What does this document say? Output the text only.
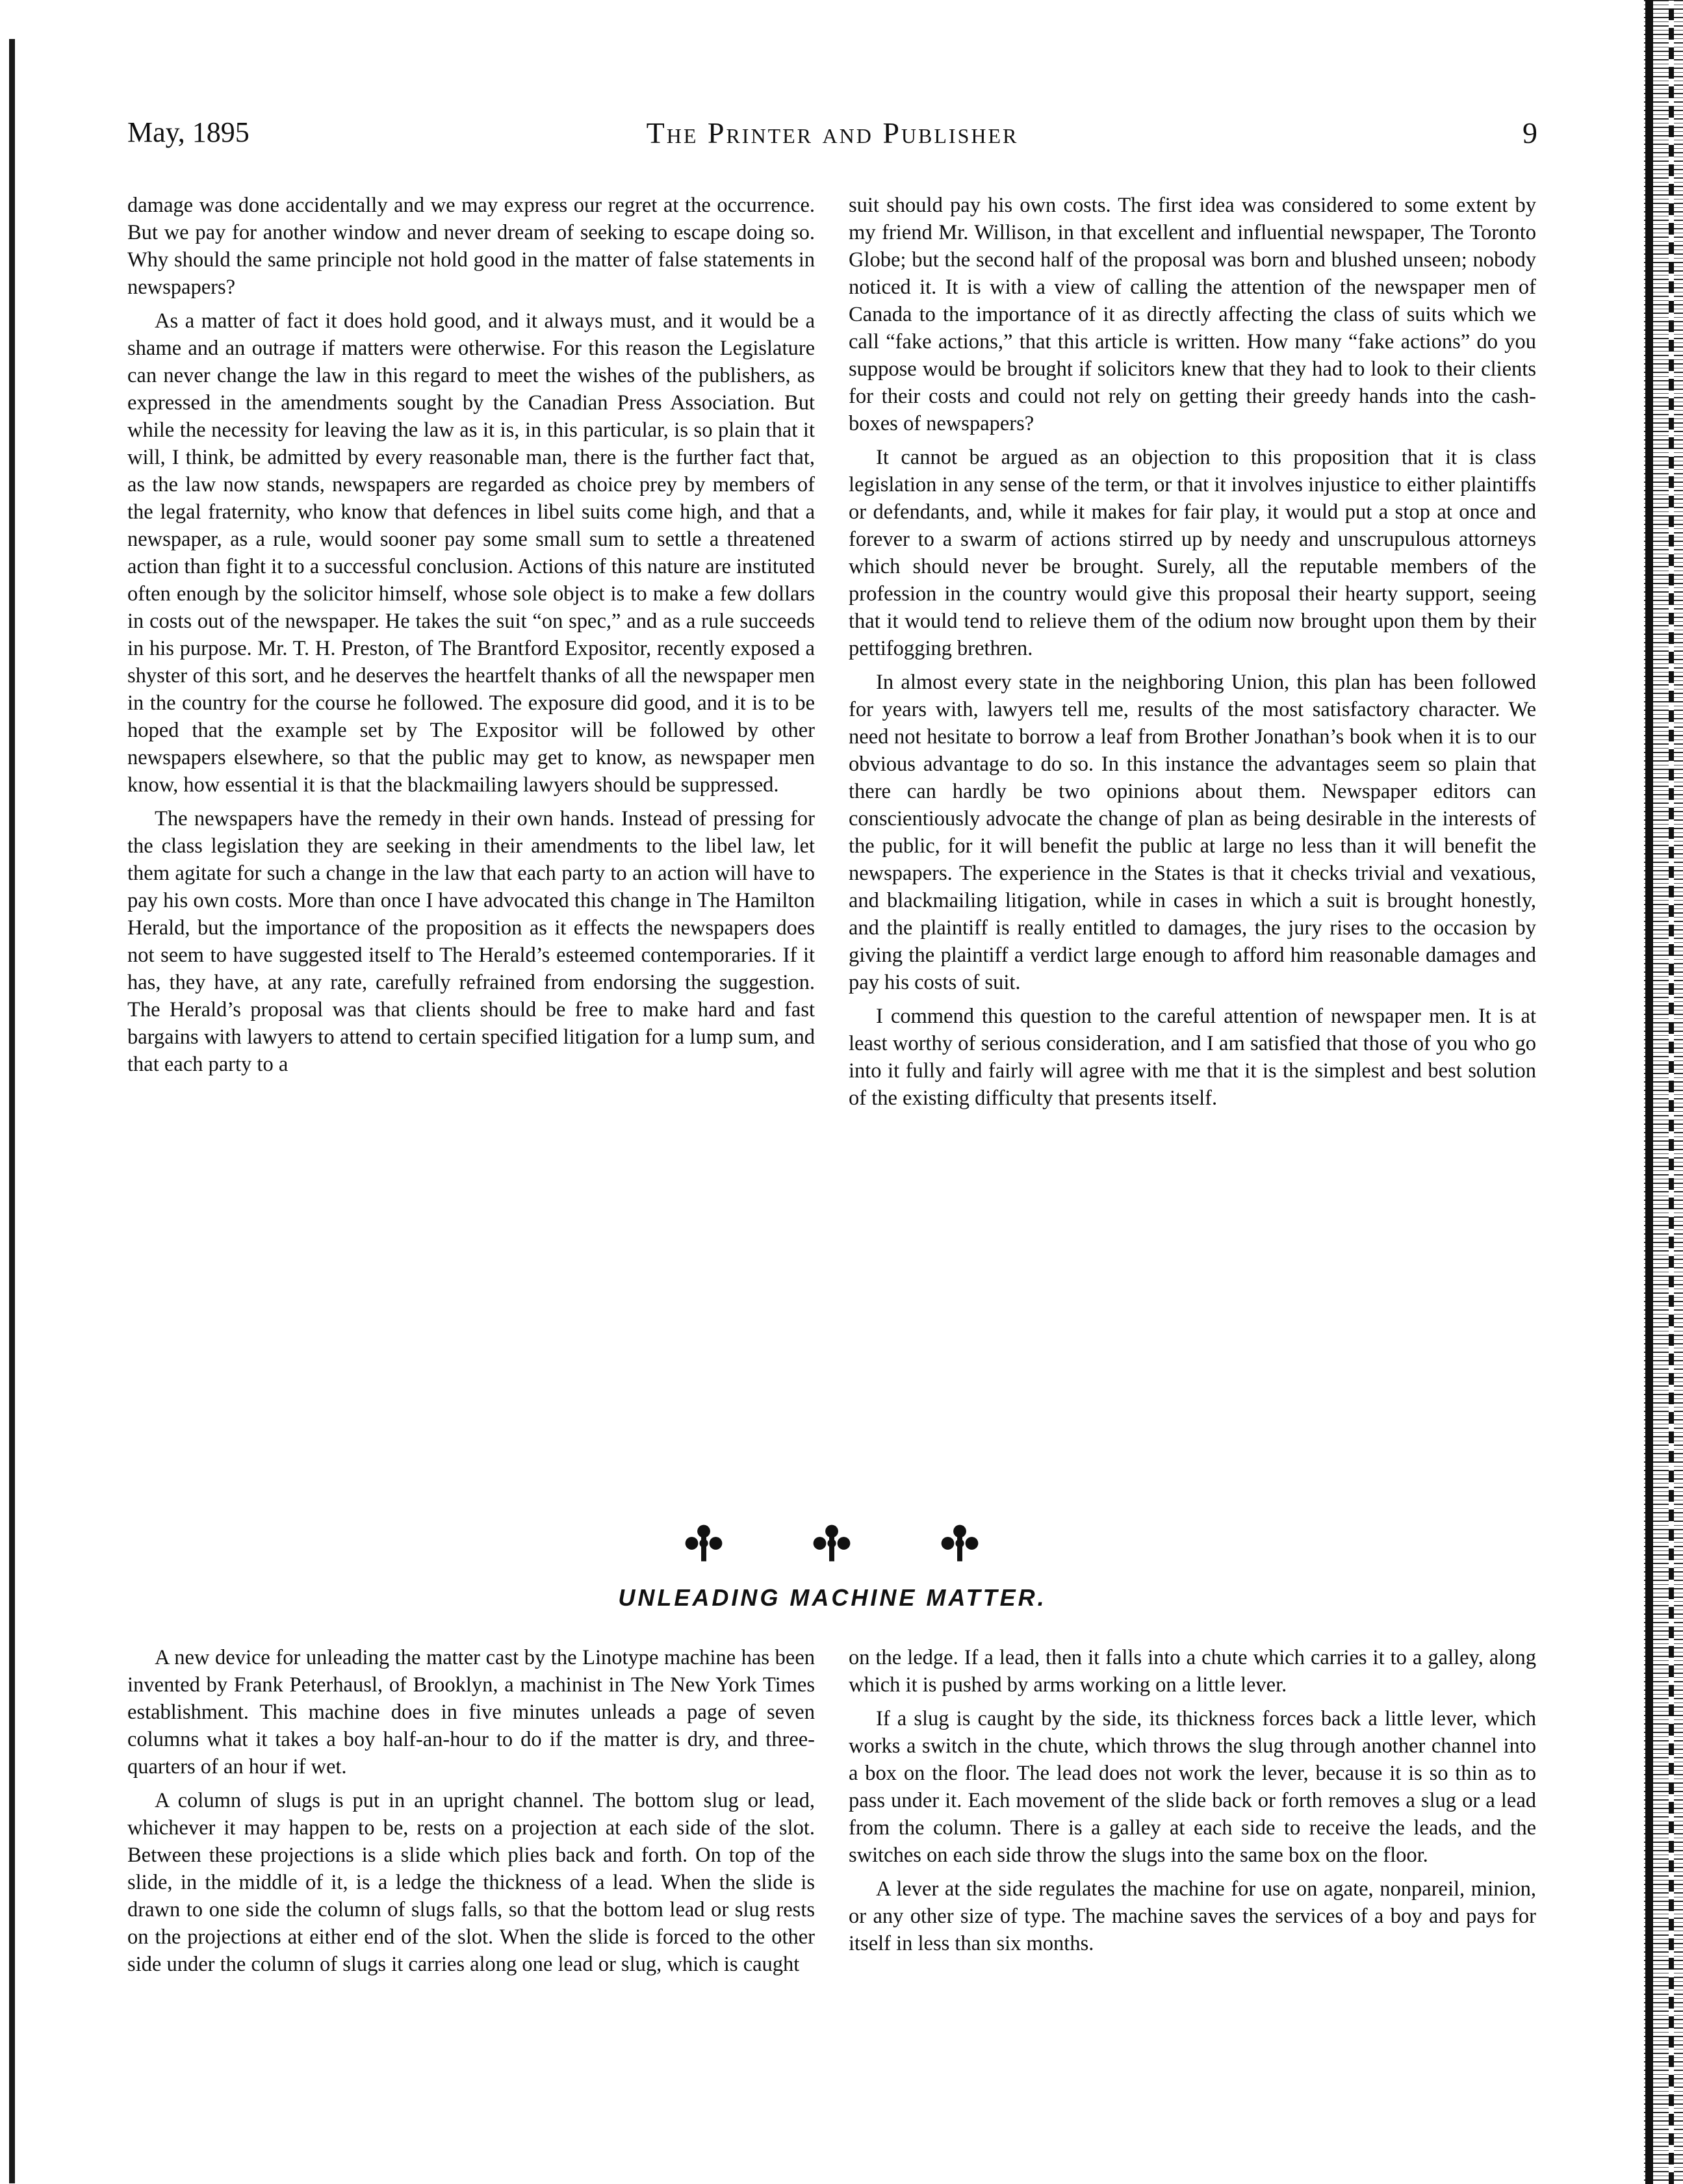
May, 1895	The Printer and Publisher	9

damage was done accidentally and we may express our regret at the occurrence. But we pay for another window and never dream of seeking to escape doing so. Why should the same principle not hold good in the matter of false statements in newspapers?

As a matter of fact it does hold good, and it always must, and it would be a shame and an outrage if matters were otherwise. For this reason the Legislature can never change the law in this regard to meet the wishes of the publishers, as expressed in the amendments sought by the Canadian Press Association. But while the necessity for leaving the law as it is, in this particular, is so plain that it will, I think, be admitted by every reasonable man, there is the further fact that, as the law now stands, newspapers are regarded as choice prey by members of the legal fraternity, who know that defences in libel suits come high, and that a newspaper, as a rule, would sooner pay some small sum to settle a threatened action than fight it to a successful conclusion. Actions of this nature are instituted often enough by the solicitor himself, whose sole object is to make a few dollars in costs out of the newspaper. He takes the suit “on spec,” and as a rule succeeds in his purpose. Mr. T. H. Preston, of The Brantford Expositor, recently exposed a shyster of this sort, and he deserves the heartfelt thanks of all the newspaper men in the country for the course he followed. The exposure did good, and it is to be hoped that the example set by The Expositor will be followed by other newspapers elsewhere, so that the public may get to know, as newspaper men know, how essential it is that the blackmailing lawyers should be suppressed.

The newspapers have the remedy in their own hands. Instead of pressing for the class legislation they are seeking in their amendments to the libel law, let them agitate for such a change in the law that each party to an action will have to pay his own costs. More than once I have advocated this change in The Hamilton Herald, but the importance of the proposition as it effects the newspapers does not seem to have suggested itself to The Herald’s esteemed contemporaries. If it has, they have, at any rate, carefully refrained from endorsing the suggestion. The Herald’s proposal was that clients should be free to make hard and fast bargains with lawyers to attend to certain specified litigation for a lump sum, and that each party to a

suit should pay his own costs. The first idea was considered to some extent by my friend Mr. Willison, in that excellent and influential newspaper, The Toronto Globe; but the second half of the proposal was born and blushed unseen; nobody noticed it. It is with a view of calling the attention of the newspaper men of Canada to the importance of it as directly affecting the class of suits which we call “fake actions,” that this article is written. How many “fake actions” do you suppose would be brought if solicitors knew that they had to look to their clients for their costs and could not rely on getting their greedy hands into the cash-boxes of newspapers?

It cannot be argued as an objection to this proposition that it is class legislation in any sense of the term, or that it involves injustice to either plaintiffs or defendants, and, while it makes for fair play, it would put a stop at once and forever to a swarm of actions stirred up by needy and unscrupulous attorneys which should never be brought. Surely, all the reputable members of the profession in the country would give this proposal their hearty support, seeing that it would tend to relieve them of the odium now brought upon them by their pettifogging brethren.

In almost every state in the neighboring Union, this plan has been followed for years with, lawyers tell me, results of the most satisfactory character. We need not hesitate to borrow a leaf from Brother Jonathan’s book when it is to our obvious advantage to do so. In this instance the advantages seem so plain that there can hardly be two opinions about them. Newspaper editors can conscientiously advocate the change of plan as being desirable in the interests of the public, for it will benefit the public at large no less than it will benefit the newspapers. The experience in the States is that it checks trivial and vexatious, and blackmailing litigation, while in cases in which a suit is brought honestly, and the plaintiff is really entitled to damages, the jury rises to the occasion by giving the plaintiff a verdict large enough to afford him reasonable damages and pay his costs of suit.

I commend this question to the careful attention of newspaper men. It is at least worthy of serious consideration, and I am satisfied that those of you who go into it fully and fairly will agree with me that it is the simplest and best solution of the existing difficulty that presents itself.

UNLEADING MACHINE MATTER.

A new device for unleading the matter cast by the Linotype machine has been invented by Frank Peterhausl, of Brooklyn, a machinist in The New York Times establishment. This machine does in five minutes unleads a page of seven columns what it takes a boy half-an-hour to do if the matter is dry, and three-quarters of an hour if wet.

A column of slugs is put in an upright channel. The bottom slug or lead, whichever it may happen to be, rests on a projection at each side of the slot. Between these projections is a slide which plies back and forth. On top of the slide, in the middle of it, is a ledge the thickness of a lead. When the slide is drawn to one side the column of slugs falls, so that the bottom lead or slug rests on the projections at either end of the slot. When the slide is forced to the other side under the column of slugs it carries along one lead or slug, which is caught

on the ledge. If a lead, then it falls into a chute which carries it to a galley, along which it is pushed by arms working on a little lever.

If a slug is caught by the side, its thickness forces back a little lever, which works a switch in the chute, which throws the slug through another channel into a box on the floor. The lead does not work the lever, because it is so thin as to pass under it. Each movement of the slide back or forth removes a slug or a lead from the column. There is a galley at each side to receive the leads, and the switches on each side throw the slugs into the same box on the floor.

A lever at the side regulates the machine for use on agate, nonpareil, minion, or any other size of type. The machine saves the services of a boy and pays for itself in less than six months.
